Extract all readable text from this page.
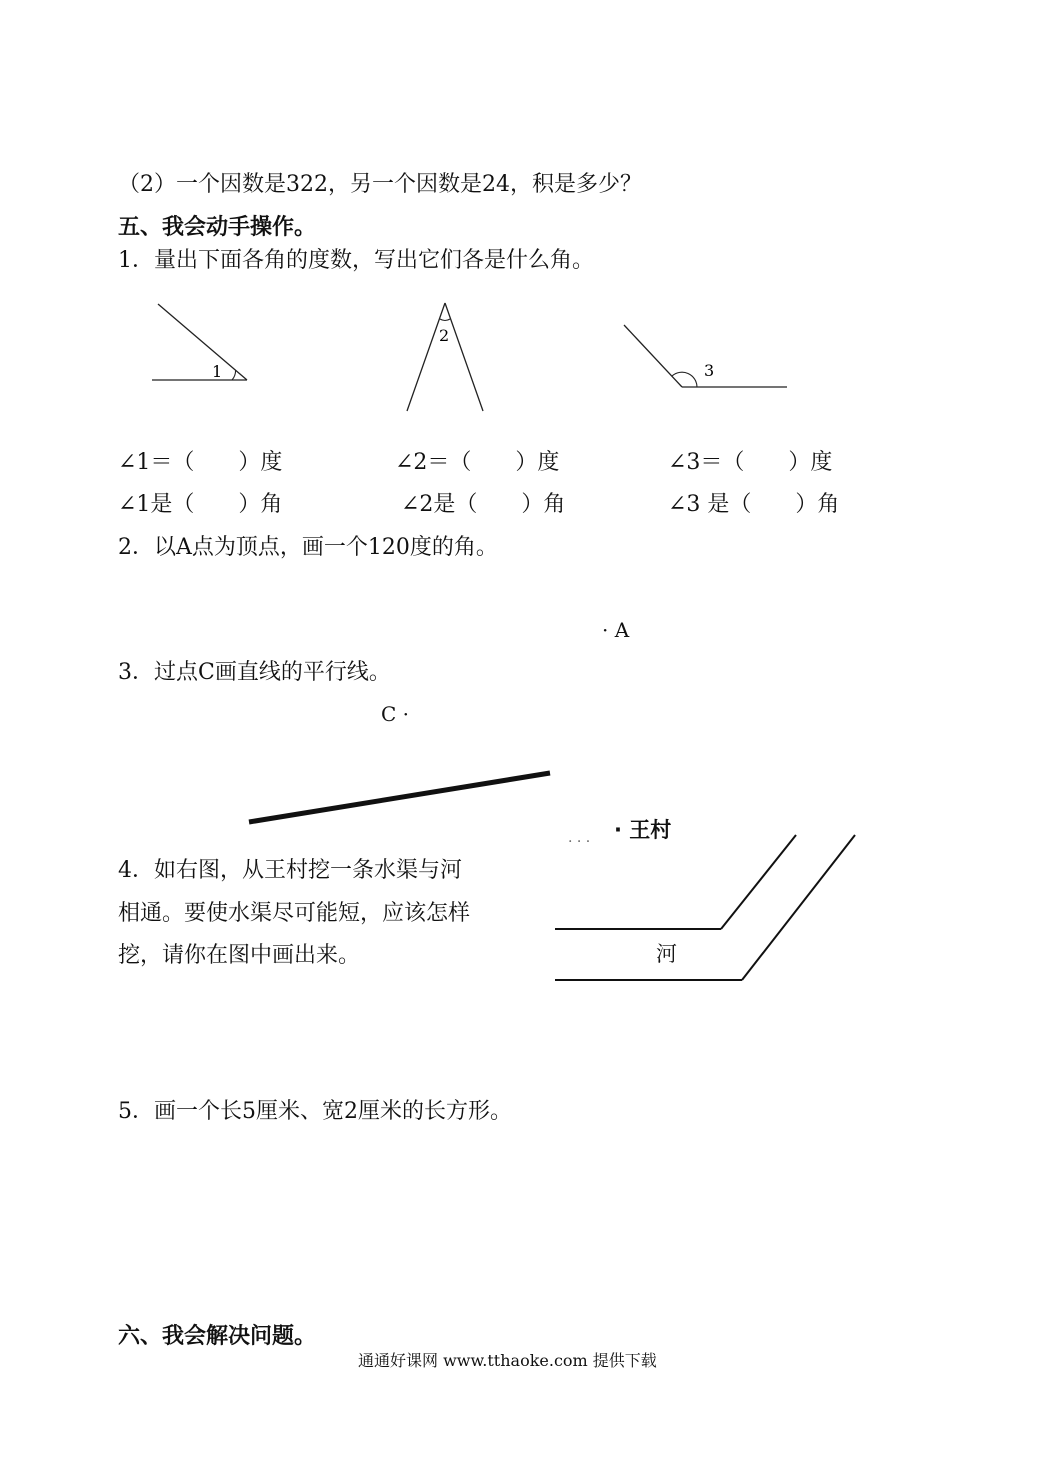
（2）一个因数是322，另一个因数是24，积是多少？
五、我会动手操作。
1．量出下面各角的度数，写出它们各是什么角。
1
2
3
∠1＝（　　）度	∠2＝（　　）度	∠3＝（　　）度
∠1是（　　）角	∠2是（　　）角	∠3 是（　　）角
2．以A点为顶点，画一个120度的角。
· A
3．过点C画直线的平行线。
C ·
. . . · 王村
4．如右图，从王村挖一条水渠与河
相通。要使水渠尽可能短，应该怎样
挖，请你在图中画出来。	河
5．画一个长5厘米、宽2厘米的长方形。
六、我会解决问题。
通通好课网 www.tthaoke.com 提供下载
